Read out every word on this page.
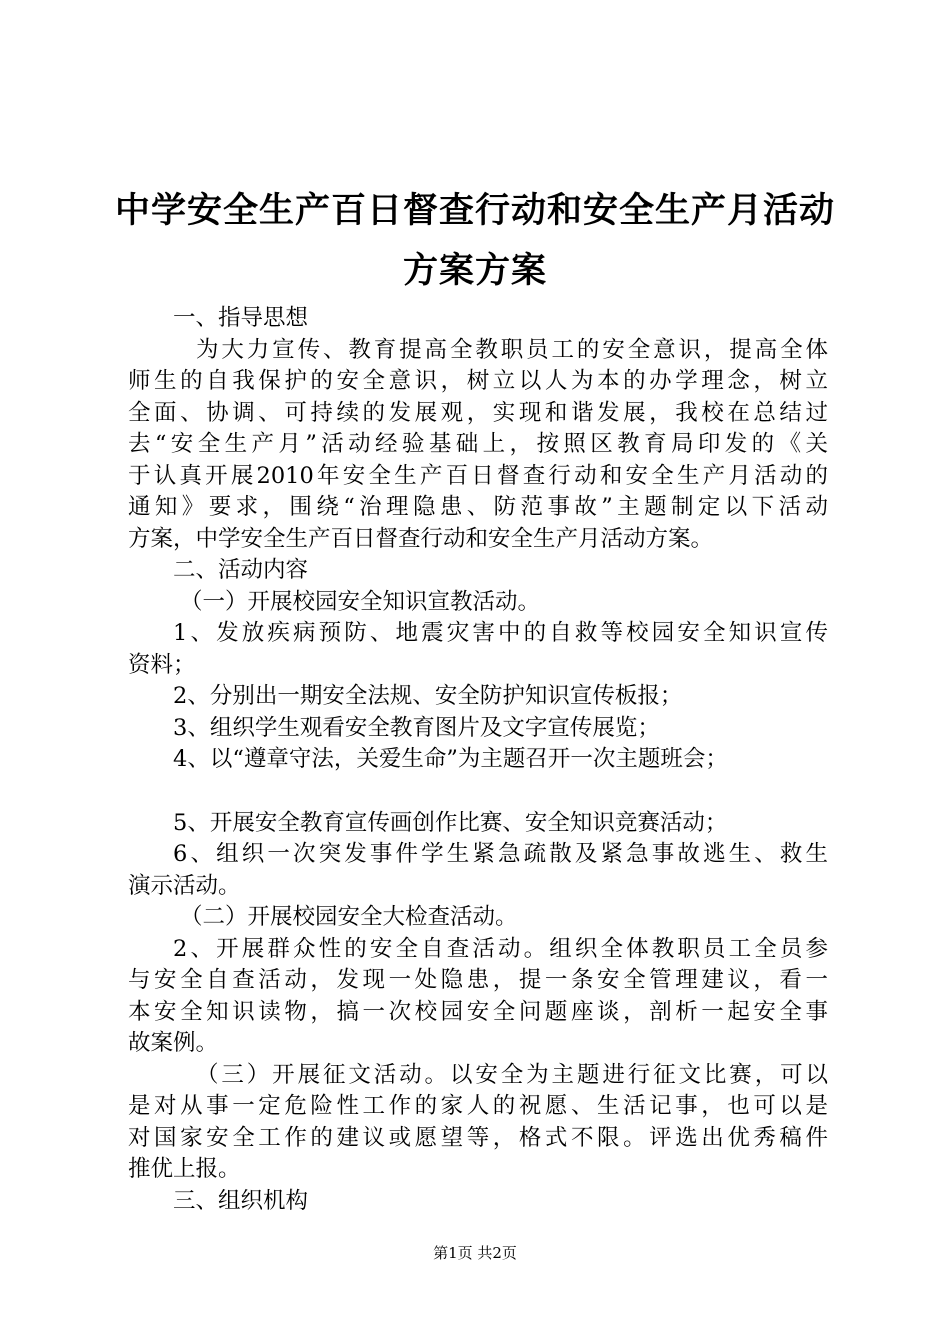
中学安全生产百日督查行动和安全生产月活动
方案方案
一、指导思想
为大力宣传、教育提高全教职员工的安全意识，提高全体
师生的自我保护的安全意识，树立以人为本的办学理念，树立
全面、协调、可持续的发展观，实现和谐发展，我校在总结过
去“安全生产月”活动经验基础上，按照区教育局印发的《关
于认真开展2010年安全生产百日督查行动和安全生产月活动的
通知》要求，围绕“治理隐患、防范事故”主题制定以下活动
方案，中学安全生产百日督查行动和安全生产月活动方案。
二、活动内容
（一）开展校园安全知识宣教活动。
1、发放疾病预防、地震灾害中的自救等校园安全知识宣传
资料；
2、分别出一期安全法规、安全防护知识宣传板报；
3、组织学生观看安全教育图片及文字宣传展览；
4、以“遵章守法，关爱生命”为主题召开一次主题班会；
5、开展安全教育宣传画创作比赛、安全知识竞赛活动；
6、组织一次突发事件学生紧急疏散及紧急事故逃生、救生
演示活动。
（二）开展校园安全大检查活动。
2、开展群众性的安全自查活动。组织全体教职员工全员参
与安全自查活动，发现一处隐患，提一条安全管理建议，看一
本安全知识读物，搞一次校园安全问题座谈，剖析一起安全事
故案例。
（三）开展征文活动。以安全为主题进行征文比赛，可以
是对从事一定危险性工作的家人的祝愿、生活记事，也可以是
对国家安全工作的建议或愿望等，格式不限。评选出优秀稿件
推优上报。
三、组织机构
第1页 共2页
